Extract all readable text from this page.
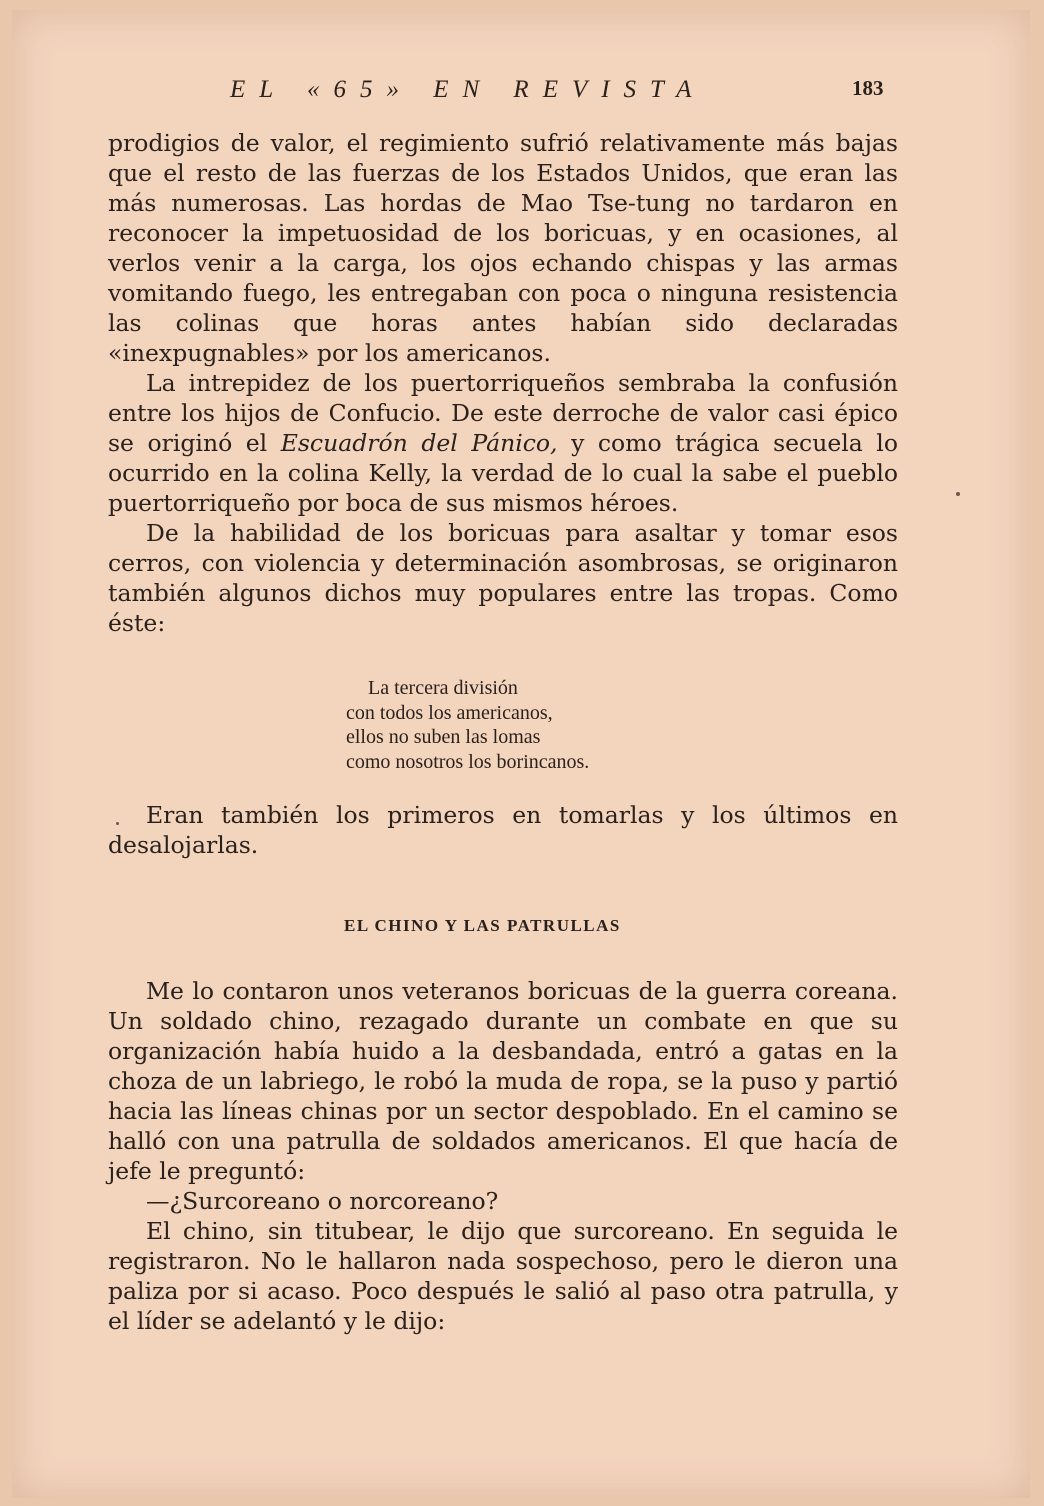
EL «65» EN REVISTA	183

prodigios de valor, el regimiento sufrió relativamente más bajas que el resto de las fuerzas de los Estados Unidos, que eran las más numerosas. Las hordas de Mao Tse-tung no tardaron en reconocer la impetuosidad de los boricuas, y en ocasiones, al verlos venir a la carga, los ojos echando chispas y las armas vomitando fuego, les entregaban con poca o ninguna resistencia las colinas que horas antes habían sido declaradas «inexpugnables» por los americanos.

La intrepidez de los puertorriqueños sembraba la confusión entre los hijos de Confucio. De este derroche de valor casi épico se originó el Escuadrón del Pánico, y como trágica secuela lo ocurrido en la colina Kelly, la verdad de lo cual la sabe el pueblo puertorriqueño por boca de sus mismos héroes.

De la habilidad de los boricuas para asaltar y tomar esos cerros, con violencia y determinación asombrosas, se originaron también algunos dichos muy populares entre las tropas. Como éste:

La tercera división
con todos los americanos,
ellos no suben las lomas
como nosotros los borincanos.

Eran también los primeros en tomarlas y los últimos en desalojarlas.

EL CHINO Y LAS PATRULLAS

Me lo contaron unos veteranos boricuas de la guerra coreana. Un soldado chino, rezagado durante un combate en que su organización había huido a la desbandada, entró a gatas en la choza de un labriego, le robó la muda de ropa, se la puso y partió hacia las líneas chinas por un sector despoblado. En el camino se halló con una patrulla de soldados americanos. El que hacía de jefe le preguntó:

—¿Surcoreano o norcoreano?

El chino, sin titubear, le dijo que surcoreano. En seguida le registraron. No le hallaron nada sospechoso, pero le dieron una paliza por si acaso. Poco después le salió al paso otra patrulla, y el líder se adelantó y le dijo:
